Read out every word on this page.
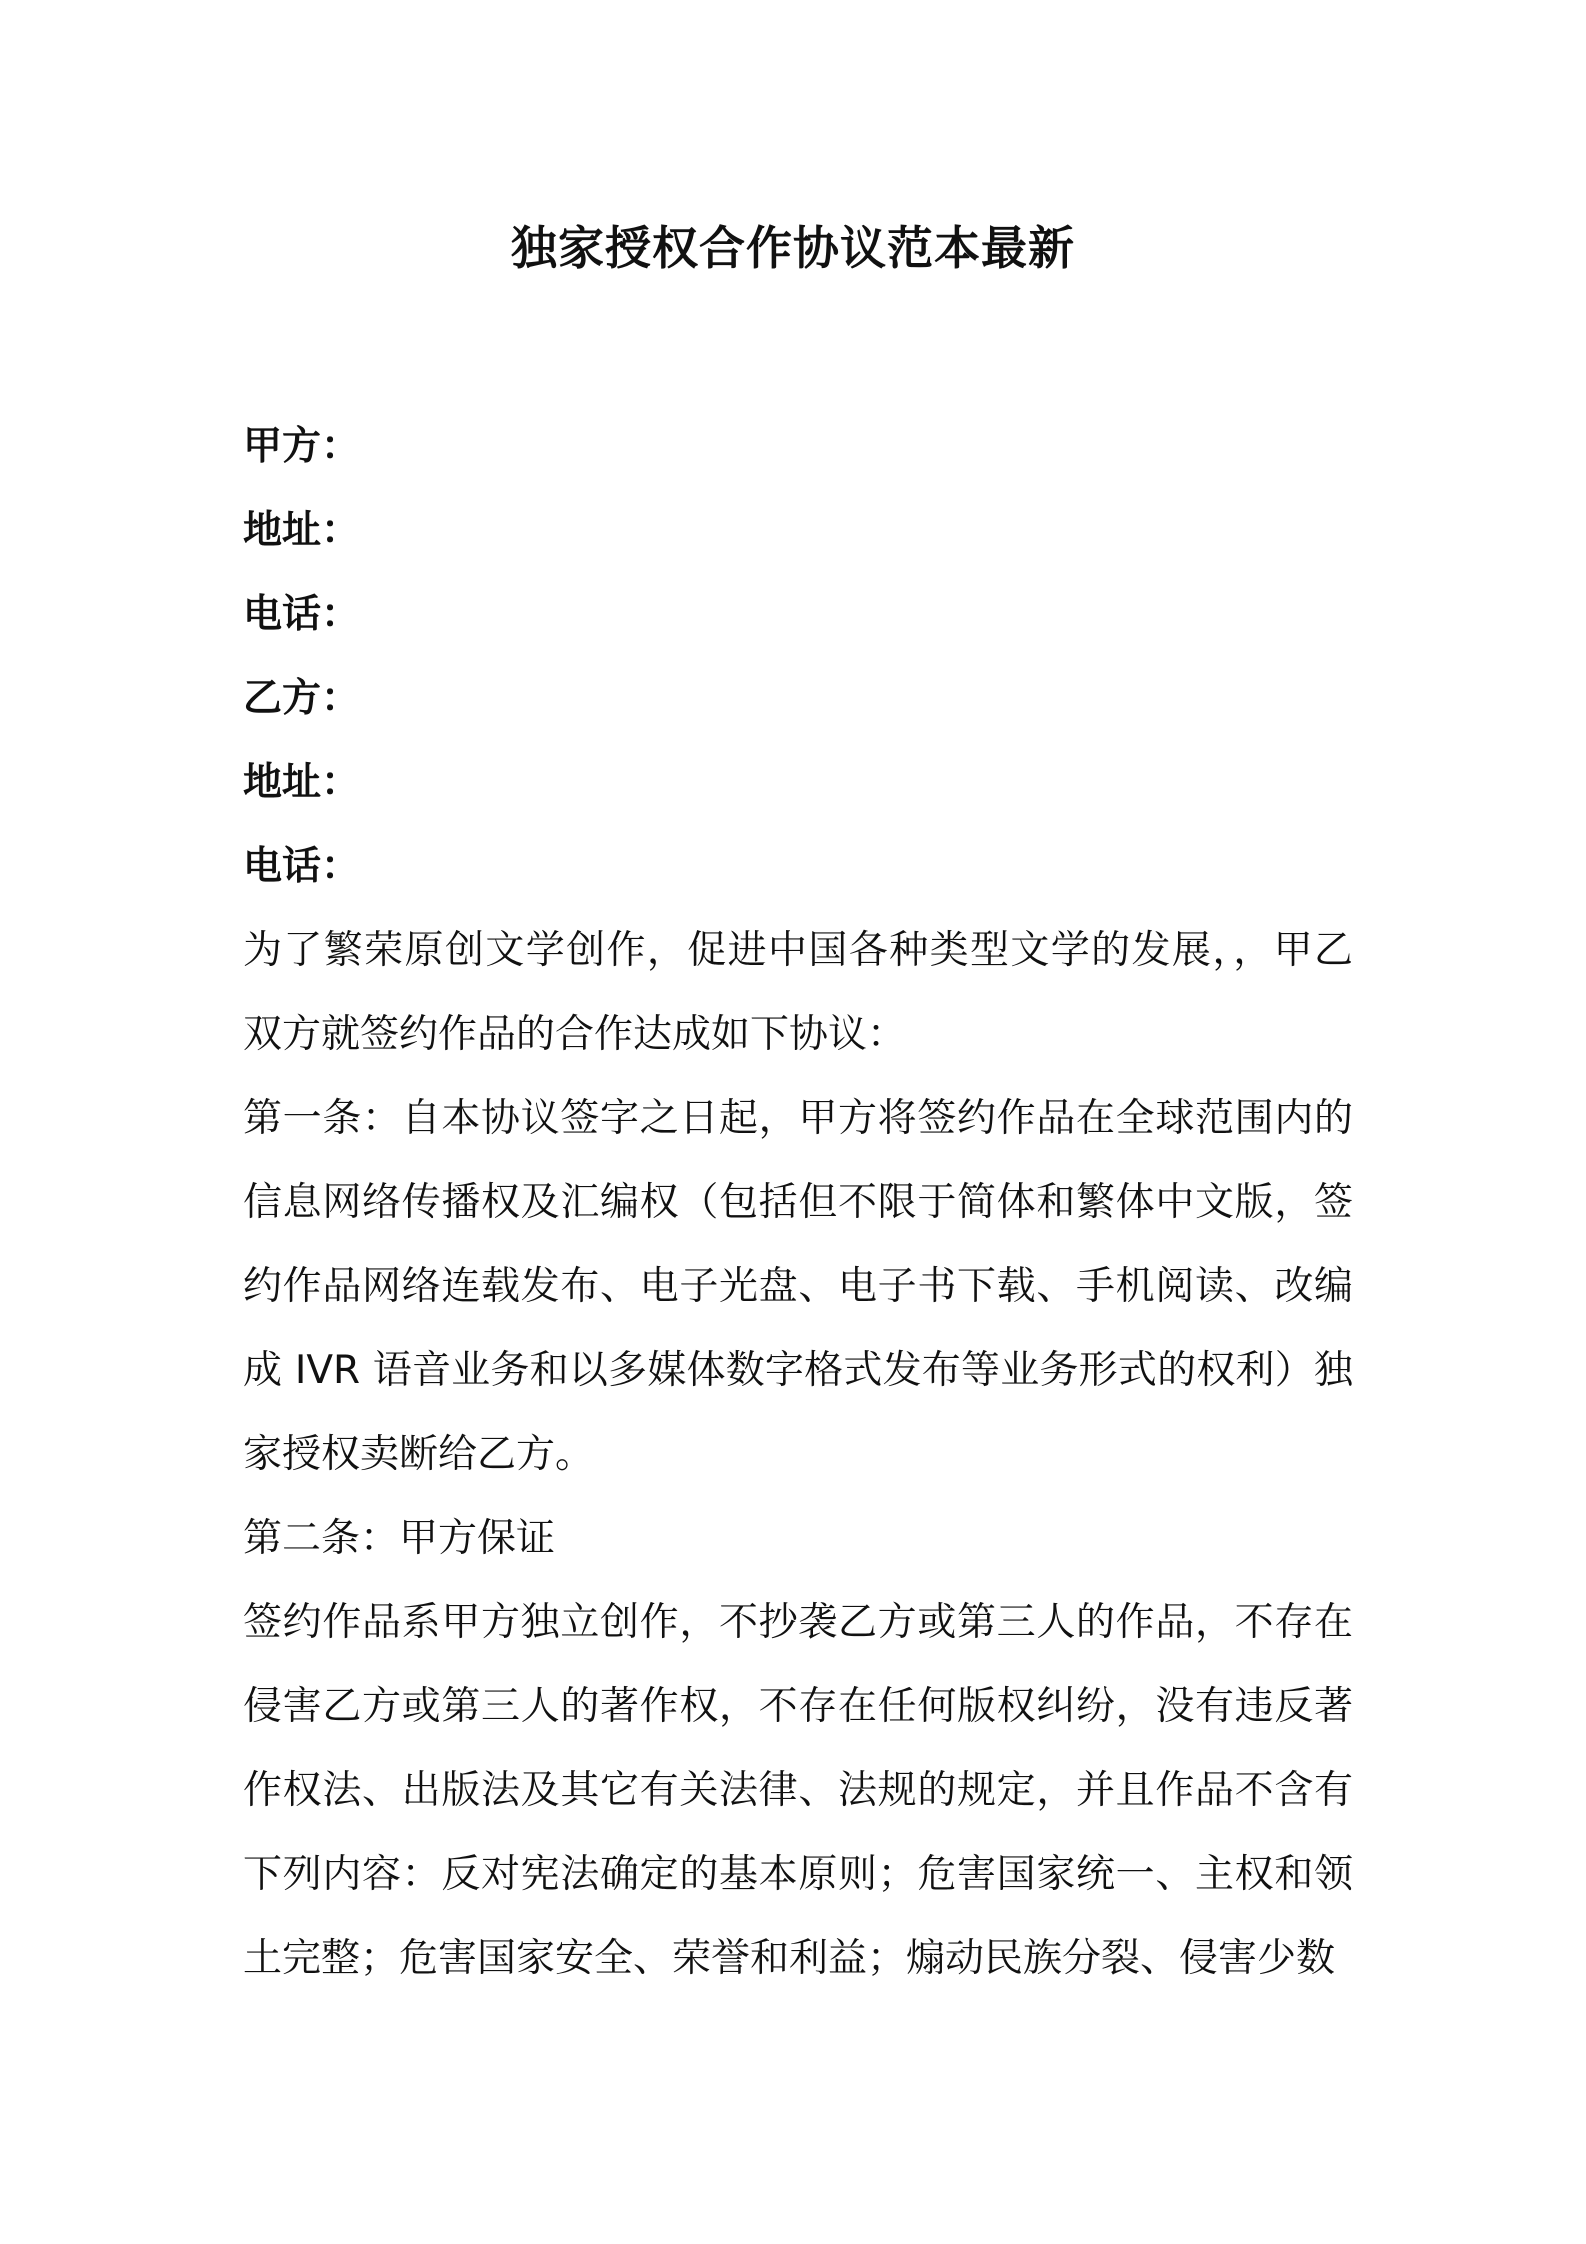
独家授权合作协议范本最新
甲方：
地址：
电话：
乙方：
地址：
电话：

为了繁荣原创文学创作，促进中国各种类型文学的发展，，甲乙双方就签约作品的合作达成如下协议：

第一条：自本协议签字之日起，甲方将签约作品在全球范围内的信息网络传播权及汇编权（包括但不限于简体和繁体中文版，签约作品网络连载发布、电子光盘、电子书下载、手机阅读、改编成 IVR 语音业务和以多媒体数字格式发布等业务形式的权利）独家授权卖断给乙方。

第二条：甲方保证

签约作品系甲方独立创作，不抄袭乙方或第三人的作品，不存在侵害乙方或第三人的著作权，不存在任何版权纠纷，没有违反著作权法、出版法及其它有关法律、法规的规定，并且作品不含有下列内容：反对宪法确定的基本原则；危害国家统一、主权和领土完整；危害国家安全、荣誉和利益；煽动民族分裂、侵害少数
